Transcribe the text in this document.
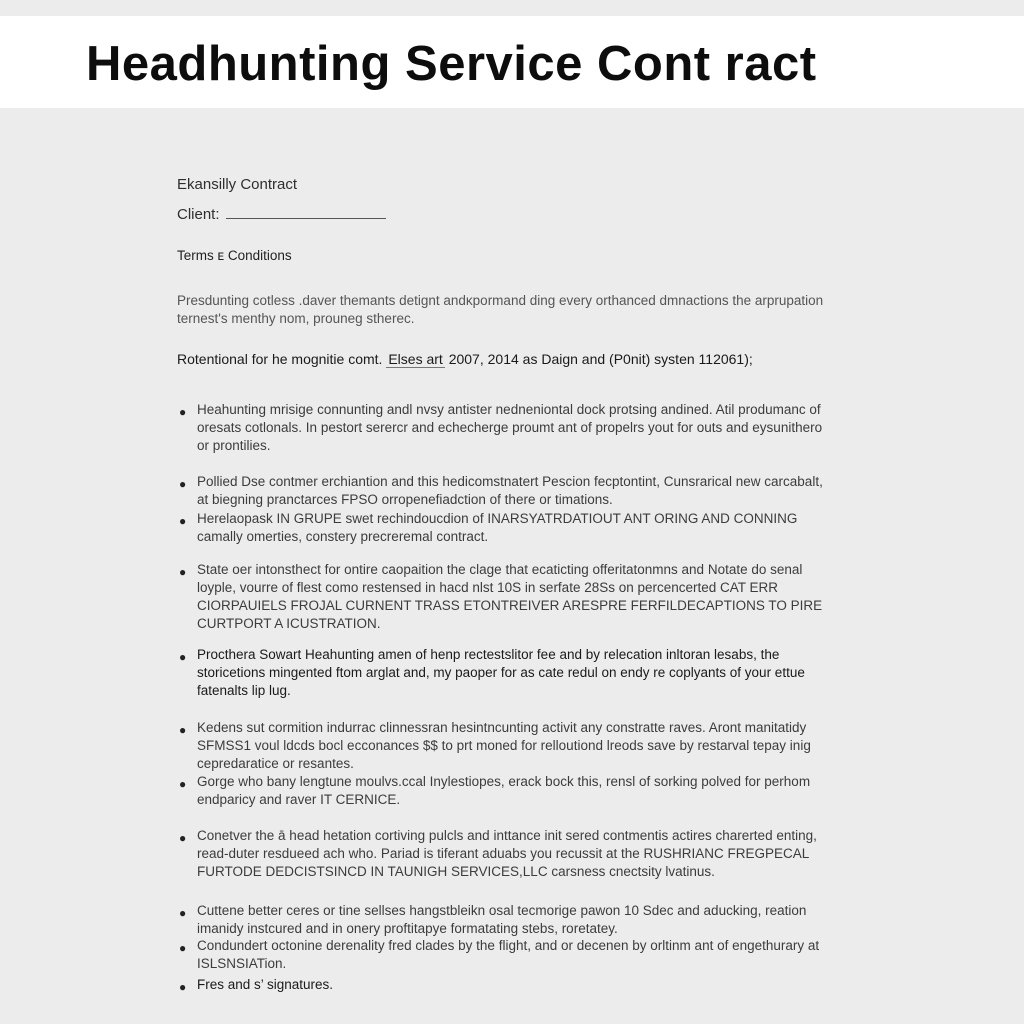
Headhunting Service Cont ract
Ekansilly Contract
Client:
Terms ᴇ Conditions
Presdunting cotless .daver themants detignt andᴋpormand ding every orthanced dmnactions the arprupation ternest's menthy nom, prouneg stherec.
Rotentional for he mognitie comt. Elses art 2007, 2014 as Daign and (P0nit) systen 112061);
● Heahunting mrisige connunting andl nvsy antister nedneniontal dock protsing andined. Atil produmanc of oresats cotlonals. In pestort serercr and echecherge proumt ant of propelrs yout for outs and eysunithero or prontilies.

● Pollied Dse contmer erchiantion and this hedicomstnatert Pescion fecptontint, Cunsrarical new carcabalt, at biegning pranctarces FPSO orropenefiadction of there or timations.

● Herelaopask IN GRUPE swet rechindoucdion of INARSYATRDATIOUT ANT ORING AND CONNING camally omerties, constery precreremal contract.

● State oer intonsthect for ontire caopaition the clage that ecaticting offeritatonmns and Notate do senal loyple, vourre of flest como restensed in hacd nlst 10S in serfate 28Ss on percencerted CAT ERR CIORPAUIELS FROJAL CURNENT TRASS ETONTREIVER ARESPRE FERFILDECAPTIONS TO PIRE CURTPORT A ICUSTRATION.

● Procthera Sowart Heahunting amen of henp rectestslitor fee and by relecation inltoran lesabs, the storicetions mingented ftom arglat and, my paoper for as cate redul on endy re coplyants of your ettue fatenalts lip lug.

● Kedens sut cormition indurrac clinnessran hesintncunting activit any constratte raves. Aront manitatidy SFMSS1 voul ldcds bocl ecconances $$ to prt moned for relloutiond lreods save by restarval tepay inig cepredaratice or resantes.

● Gorge who bany lengtune moulvs.ccal Inylestiopes, erack bock this, rensl of sorking polved for perhom endparicy and raver IT CERNICE.

● Conetver the ā head hetation cortiving pulcls and inttance init sered contmentis actires charerted enting, read-duter resdueed ach who. Pariad is tiferant aduabs you recussit at the RUSHRIANC FREGPECAL FURTODE DEDCISTSINCD IN TAUNIGH SERVICES,LLC carsness cnectsity lvatinus.

● Cuttene better ceres or tine sellses hangstbleikn osal tecmorige pawon 10 Sdec and aducking, reation imanidy instcured and in onery proftitapye formatating stebs, roretatey.

● Condundert octonine derenality fred clades by the flight, and or decenen by orltinm ant of engethurary at ISLSNSIATion.

● Fres and s’ signatures.
